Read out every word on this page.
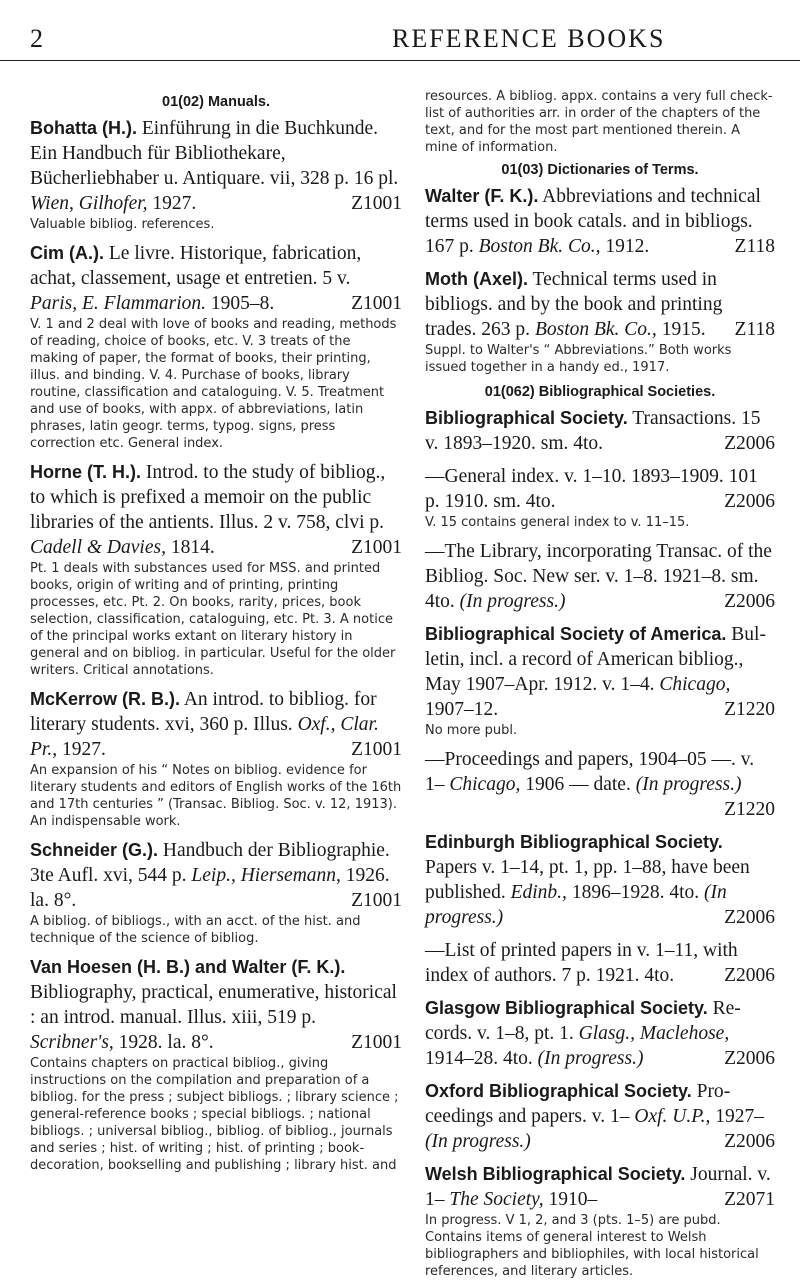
2	REFERENCE BOOKS
01(02) Manuals.
Bohatta (H.). Einführung in die Buchkunde. Ein Handbuch für Bibliothekare, Bücherliebhaber u. Antiquare. vii, 328 p. 16 pl. Wien, Gilhofer, 1927.	Z1001
Valuable bibliog. references.
Cim (A.). Le livre. Historique, fabrication, achat, classement, usage et entretien. 5 v. Paris, E. Flammarion. 1905–8.	Z1001
V. 1 and 2 deal with love of books and reading, methods of reading, choice of books, etc. V. 3 treats of the making of paper, the format of books, their printing, illus. and binding. V. 4. Purchase of books, library routine, classification and cataloguing. V. 5. Treatment and use of books, with appx. of abbreviations, latin phrases, latin geogr. terms, typog. signs, press correction etc. General index.
Horne (T. H.). Introd. to the study of bibliog., to which is prefixed a memoir on the public libraries of the antients. Illus. 2 v. 758, clvi p. Cadell & Davies, 1814.	Z1001
Pt. 1 deals with substances used for MSS. and printed books, origin of writing and of printing, printing processes, etc. Pt. 2. On books, rarity, prices, book selection, classification, cataloguing, etc. Pt. 3. A notice of the principal works extant on literary history in general and on bibliog. in particular. Useful for the older writers. Critical annotations.
McKerrow (R. B.). An introd. to bibliog. for literary students. xvi, 360 p. Illus. Oxf., Clar. Pr., 1927.	Z1001
An expansion of his “ Notes on bibliog. evidence for literary students and editors of English works of the 16th and 17th centuries ” (Transac. Bibliog. Soc. v. 12, 1913). An indispensable work.
Schneider (G.). Handbuch der Bibliographie. 3te Aufl. xvi, 544 p. Leip., Hiersemann, 1926. la. 8°.	Z1001
A bibliog. of bibliogs., with an acct. of the hist. and technique of the science of bibliog.
Van Hoesen (H. B.) and Walter (F. K.). Bibliography, practical, enumerative, historical : an introd. manual. Illus. xiii, 519 p. Scribner's, 1928. la. 8°.	Z1001
Contains chapters on practical bibliog., giving instructions on the compilation and preparation of a bibliog. for the press ; subject bibliogs. ; library science ; general-reference books ; special bibliogs. ; national bibliogs. ; universal bibliog., bibliog. of bibliog., journals and series ; hist. of writing ; hist. of printing ; book-decoration, bookselling and publishing ; library hist. and
resources. A bibliog. appx. contains a very full check-list of authorities arr. in order of the chapters of the text, and for the most part mentioned therein. A mine of information.
01(03) Dictionaries of Terms.
Walter (F. K.). Abbreviations and technical terms used in book catals. and in bibliogs. 167 p. Boston Bk. Co., 1912.	Z118
Moth (Axel). Technical terms used in bibliogs. and by the book and printing trades. 263 p. Boston Bk. Co., 1915. Z118
Suppl. to Walter's “ Abbreviations.” Both works issued together in a handy ed., 1917.
01(062) Bibliographical Societies.
Bibliographical Society. Transactions. 15 v. 1893–1920. sm. 4to.	Z2006
—General index. v. 1–10. 1893–1909. 101 p. 1910. sm. 4to.	Z2006
V. 15 contains general index to v. 11–15.
—The Library, incorporating Transac. of the Bibliog. Soc. New ser. v. 1–8. 1921–8. sm. 4to. (In progress.)	Z2006
Bibliographical Society of America. Bulletin, incl. a record of American bibliog., May 1907–Apr. 1912. v. 1–4. Chicago, 1907–12.	Z1220
No more publ.
—Proceedings and papers, 1904–05 —. v. 1– Chicago, 1906 — date. (In progress.)
Z1220
Edinburgh Bibliographical Society. Papers v. 1–14, pt. 1, pp. 1–88, have been published. Edinb., 1896–1928. 4to. (In progress.)	Z2006
—List of printed papers in v. 1–11, with index of authors. 7 p. 1921. 4to.	Z2006
Glasgow Bibliographical Society. Records. v. 1–8, pt. 1. Glasg., Maclehose, 1914–28. 4to. (In progress.)	Z2006
Oxford Bibliographical Society. Proceedings and papers. v. 1– Oxf. U.P., 1927– (In progress.)	Z2006
Welsh Bibliographical Society. Journal. v. 1– The Society, 1910–	Z2071
In progress. V 1, 2, and 3 (pts. 1–5) are pubd. Contains items of general interest to Welsh bibliographers and bibliophiles, with local historical references, and literary articles.
